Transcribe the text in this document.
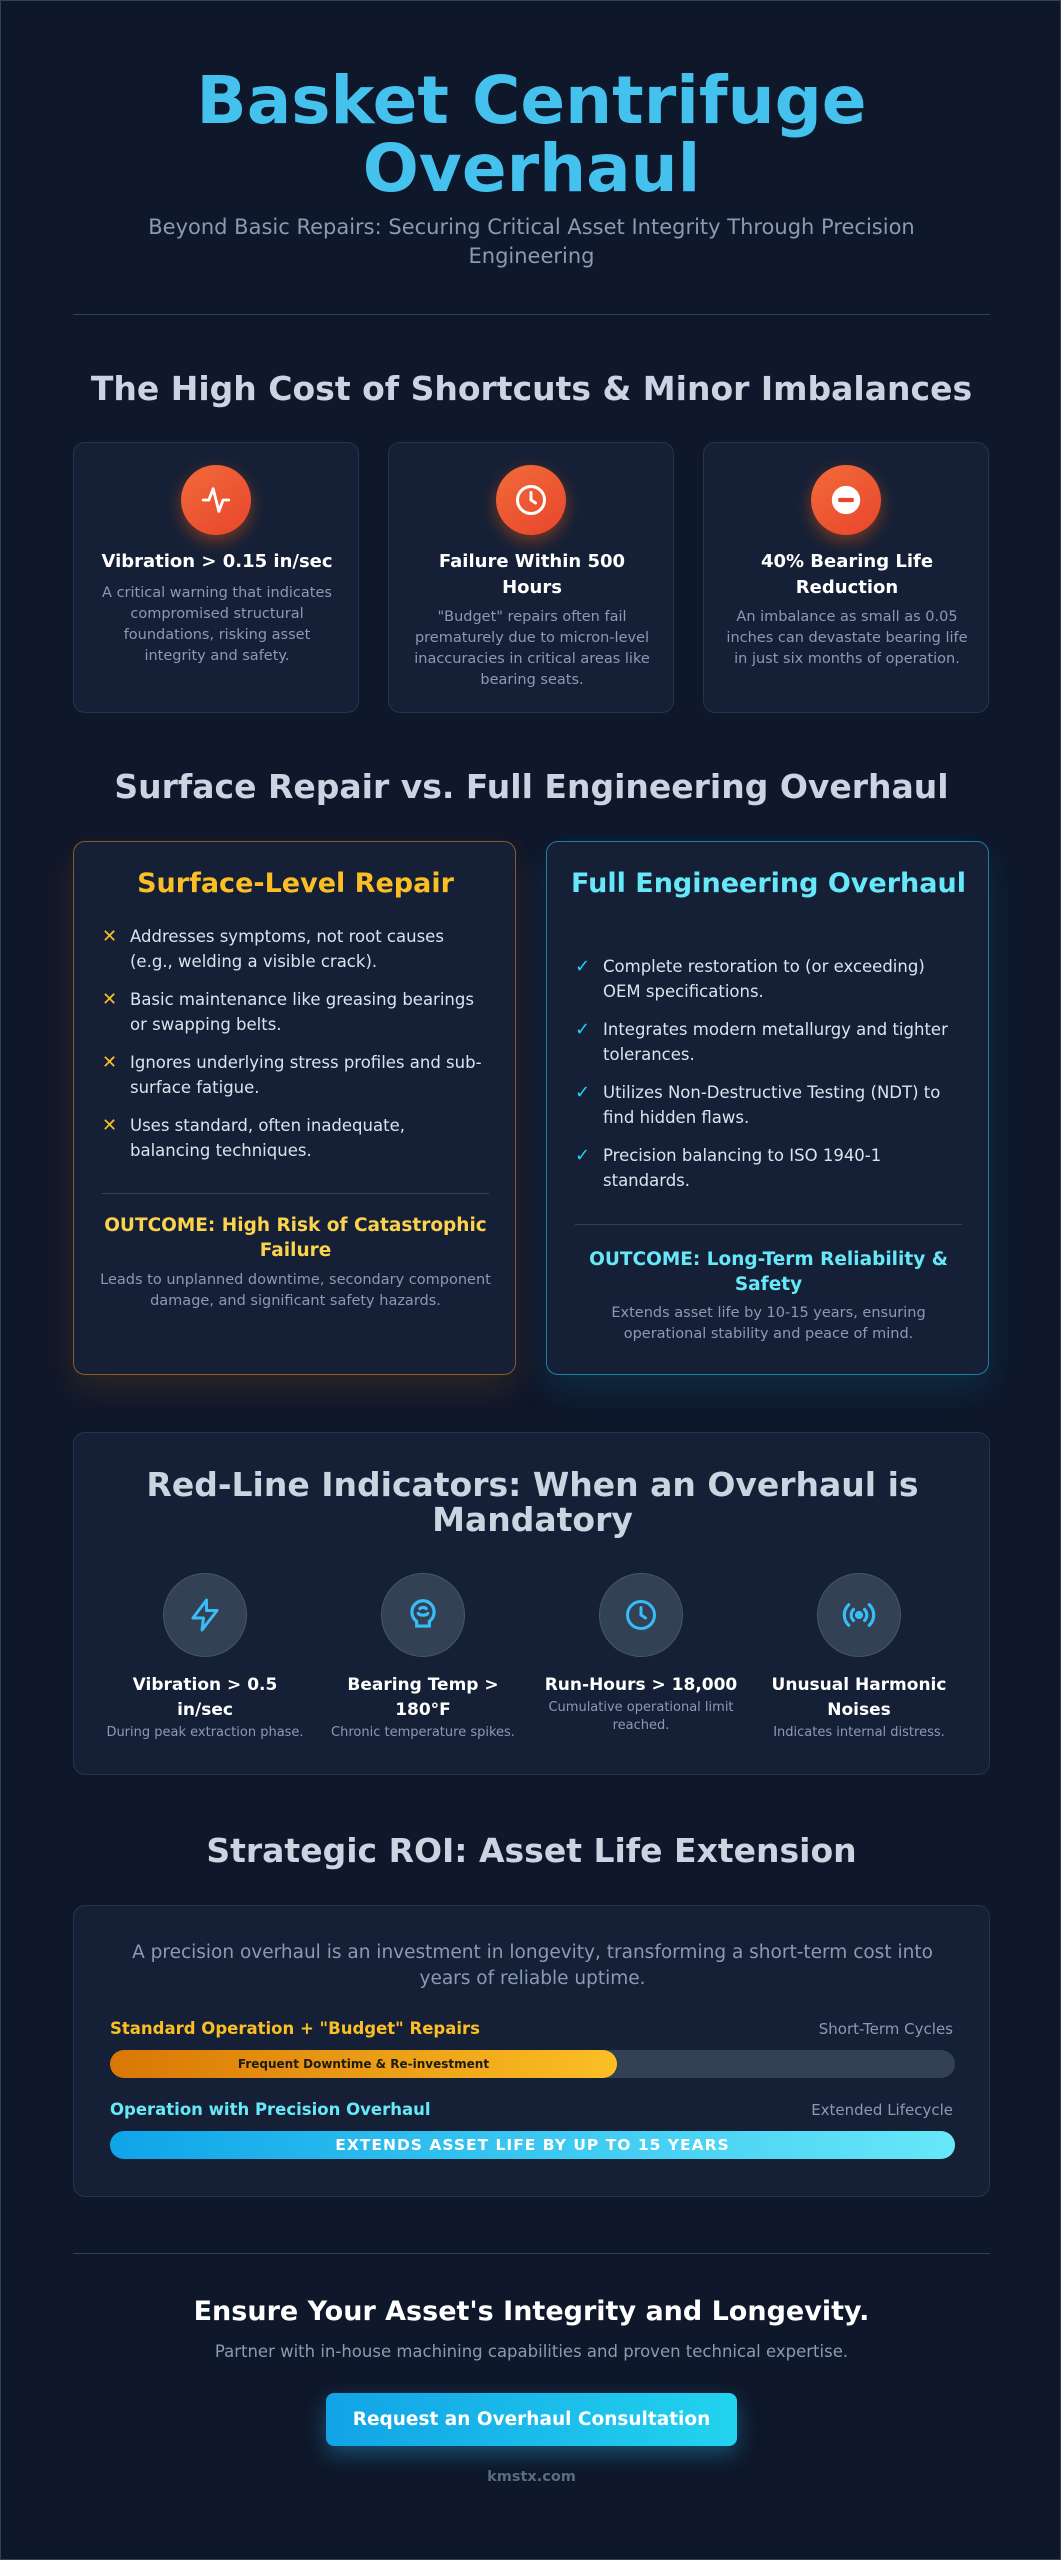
Basket Centrifuge
Overhaul
Beyond Basic Repairs: Securing Critical Asset Integrity Through Precision Engineering
The High Cost of Shortcuts & Minor Imbalances
Vibration > 0.15 in/sec
A critical warning that indicates compromised structural foundations, risking asset integrity and safety.
Failure Within 500 Hours
"Budget" repairs often fail prematurely due to micron-level inaccuracies in critical areas like bearing seats.
40% Bearing Life Reduction
An imbalance as small as 0.05 inches can devastate bearing life in just six months of operation.
Surface Repair vs. Full Engineering Overhaul
Surface-Level Repair
✕ Addresses symptoms, not root causes (e.g., welding a visible crack).
✕ Basic maintenance like greasing bearings or swapping belts.
✕ Ignores underlying stress profiles and sub-surface fatigue.
✕ Uses standard, often inadequate, balancing techniques.
OUTCOME: High Risk of Catastrophic Failure
Leads to unplanned downtime, secondary component damage, and significant safety hazards.
Full Engineering Overhaul
✓ Complete restoration to (or exceeding) OEM specifications.
✓ Integrates modern metallurgy and tighter tolerances.
✓ Utilizes Non-Destructive Testing (NDT) to find hidden flaws.
✓ Precision balancing to ISO 1940-1 standards.
OUTCOME: Long-Term Reliability & Safety
Extends asset life by 10-15 years, ensuring operational stability and peace of mind.
Red-Line Indicators: When an Overhaul is Mandatory
Vibration > 0.5 in/sec
During peak extraction phase.
Bearing Temp > 180°F
Chronic temperature spikes.
Run-Hours > 18,000
Cumulative operational limit reached.
Unusual Harmonic Noises
Indicates internal distress.
Strategic ROI: Asset Life Extension
A precision overhaul is an investment in longevity, transforming a short-term cost into years of reliable uptime.
Standard Operation + "Budget" Repairs	Short-Term Cycles
Frequent Downtime & Re-investment
Operation with Precision Overhaul	Extended Lifecycle
EXTENDS ASSET LIFE BY UP TO 15 YEARS
Ensure Your Asset's Integrity and Longevity.
Partner with in-house machining capabilities and proven technical expertise.
Request an Overhaul Consultation
kmstx.com
